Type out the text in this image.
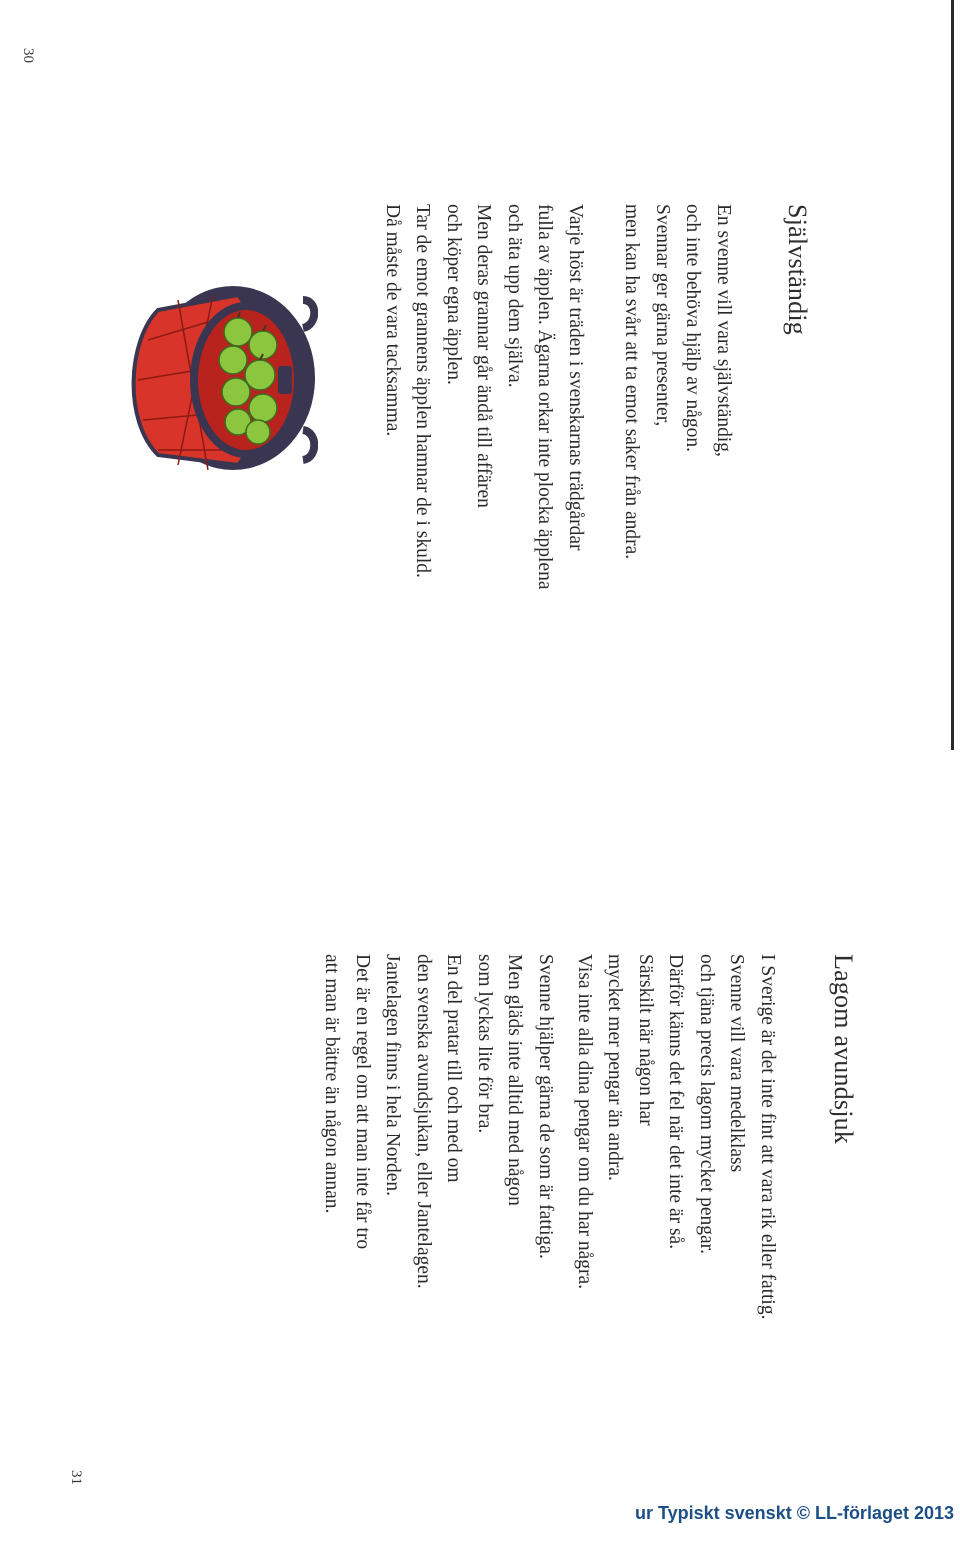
30
31
Självständig
En svenne vill vara självständig,
och inte behöva hjälp av någon.
Svennar ger gärna presenter,
men kan ha svårt att ta emot saker från andra.
Varje höst är träden i svenskarnas trädgårdar
fulla av äpplen. Ägarna orkar inte plocka äpplena
och äta upp dem själva.
Men deras grannar går ändå till affären
och köper egna äpplen.
Tar de emot grannens äpplen hamnar de i skuld.
Då måste de vara tacksamma.
Lagom avundsjuk
I Sverige är det inte fint att vara rik eller fattig.
Svenne vill vara medelklass
och tjäna precis lagom mycket pengar.
Därför känns det fel när det inte är så.
Särskilt när någon har
mycket mer pengar än andra.
Visa inte alla dina pengar om du har några.
Svenne hjälper gärna de som är fattiga.
Men gläds inte alltid med någon
som lyckas lite för bra.
En del pratar till och med om
den svenska avundsjukan, eller Jantelagen.
Jantelagen finns i hela Norden.
Det är en regel om att man inte får tro
att man är bättre än någon annan.
ur Typiskt svenskt © LL-förlaget 2013
